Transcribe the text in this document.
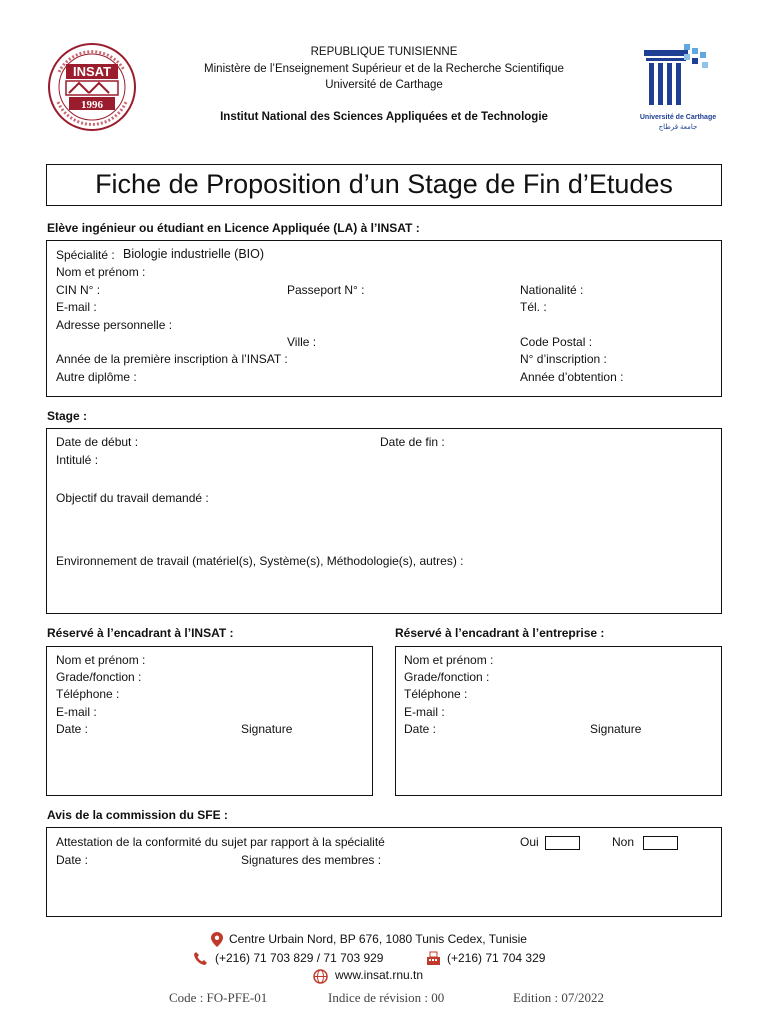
INSAT
1996
REPUBLIQUE TUNISIENNE
Ministère de l’Enseignement Supérieur et de la Recherche Scientifique
Université de Carthage
Institut National des Sciences Appliquées et de Technologie	Université de Carthage
جامعة قرطاج
Fiche de Proposition d’un Stage de Fin d’Etudes
Elève ingénieur ou étudiant en Licence Appliquée (LA) à l’INSAT :
Spécialité : Biologie industrielle (BIO)
Nom et prénom :
CIN N° :	Passeport N° :	Nationalité :
E-mail :	Tél. :
Adresse personnelle :
Ville :	Code Postal :
Année de la première inscription à l’INSAT :	N° d’inscription :
Autre diplôme :	Année d’obtention :
Stage :
Date de début :	Date de fin :
Intitulé :
Objectif du travail demandé :
Environnement de travail (matériel(s), Système(s), Méthodologie(s), autres) :
Réservé à l’encadrant à l’INSAT :
Nom et prénom :
Grade/fonction :
Téléphone :
E-mail :
Date :	Signature
Réservé à l’encadrant à l’entreprise :
Nom et prénom :
Grade/fonction :
Téléphone :
E-mail :
Date :	Signature
Avis de la commission du SFE :
Attestation de la conformité du sujet par rapport à la spécialité	Oui	Non
Date :	Signatures des membres :
Centre Urbain Nord, BP 676, 1080 Tunis Cedex, Tunisie
(+216) 71 703 829 / 71 703 929	(+216) 71 704 329
www.insat.rnu.tn
Code : FO-PFE-01	Indice de révision : 00	Edition : 07/2022
